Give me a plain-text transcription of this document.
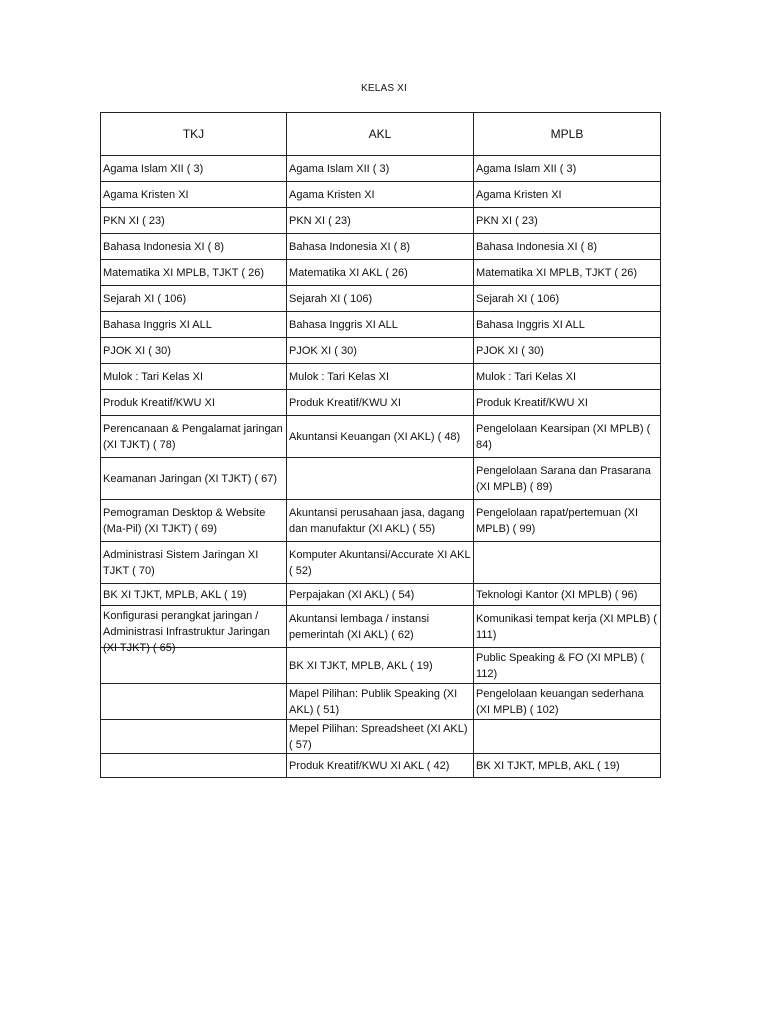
KELAS XI
TKJ	AKL	MPLB
Agama Islam XII ( 3)	Agama Islam XII ( 3)	Agama Islam XII ( 3)
Agama Kristen XI	Agama Kristen XI	Agama Kristen XI
PKN XI ( 23)	PKN XI ( 23)	PKN XI ( 23)
Bahasa Indonesia XI ( 8)	Bahasa Indonesia XI ( 8)	Bahasa Indonesia XI ( 8)
Matematika XI MPLB, TJKT ( 26)	Matematika XI AKL ( 26)	Matematika XI MPLB, TJKT ( 26)
Sejarah XI ( 106)	Sejarah XI ( 106)	Sejarah XI ( 106)
Bahasa Inggris XI ALL	Bahasa Inggris XI ALL	Bahasa Inggris XI ALL
PJOK XI ( 30)	PJOK XI ( 30)	PJOK XI ( 30)
Mulok : Tari Kelas XI	Mulok : Tari Kelas XI	Mulok : Tari Kelas XI
Produk Kreatif/KWU XI	Produk Kreatif/KWU XI	Produk Kreatif/KWU XI
Perencanaan & Pengalamat jaringan (XI TJKT) ( 78)	Akuntansi Keuangan (XI AKL) ( 48)	Pengelolaan Kearsipan (XI MPLB) ( 84)
Keamanan Jaringan (XI TJKT) ( 67)		Pengelolaan Sarana dan Prasarana (XI MPLB) ( 89)
Pemograman Desktop & Website (Ma-Pil) (XI TJKT) ( 69)	Akuntansi perusahaan jasa, dagang dan manufaktur (XI AKL) ( 55)	Pengelolaan rapat/pertemuan (XI MPLB) ( 99)
Administrasi Sistem Jaringan XI TJKT ( 70)	Komputer Akuntansi/Accurate XI AKL ( 52)	
BK XI TJKT, MPLB, AKL ( 19)	Perpajakan (XI AKL) ( 54)	Teknologi Kantor (XI MPLB) ( 96)

Konfigurasi perangkat jaringan / Administrasi Infrastruktur Jaringan (XI TJKT) ( 65)	Akuntansi lembaga / instansi pemerintah (XI AKL) ( 62)	Komunikasi tempat kerja (XI MPLB) ( 111)
	BK XI TJKT, MPLB, AKL ( 19)	Public Speaking & FO (XI MPLB) ( 112)
	Mapel Pilihan: Publik Speaking (XI AKL) ( 51)	Pengelolaan keuangan sederhana (XI MPLB) ( 102)
	Mepel Pilihan: Spreadsheet (XI AKL) ( 57)	
	Produk Kreatif/KWU XI AKL ( 42)	BK XI TJKT, MPLB, AKL ( 19)
